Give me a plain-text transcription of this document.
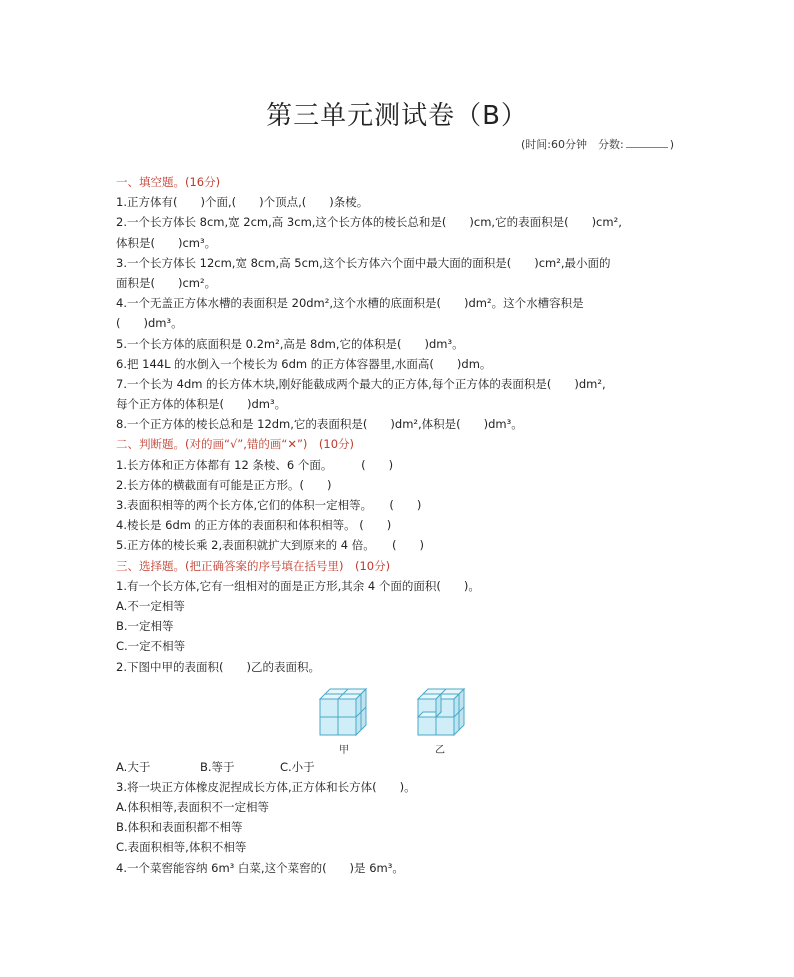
第三单元测试卷（B）
(时间:60分钟　分数:	)
一、填空题。(16分)
1.正方体有(　　)个面,(　　)个顶点,(　　)条棱。
2.一个长方体长 8cm,宽 2cm,高 3cm,这个长方体的棱长总和是(　　)cm,它的表面积是(　　)cm²,
体积是(　　)cm³。
3.一个长方体长 12cm,宽 8cm,高 5cm,这个长方体六个面中最大面的面积是(　　)cm²,最小面的
面积是(　　)cm²。
4.一个无盖正方体水槽的表面积是 20dm²,这个水槽的底面积是(　　)dm²。这个水槽容积是
(　　)dm³。
5.一个长方体的底面积是 0.2m²,高是 8dm,它的体积是(　　)dm³。
6.把 144L 的水倒入一个棱长为 6dm 的正方体容器里,水面高(　　)dm。
7.一个长为 4dm 的长方体木块,刚好能截成两个最大的正方体,每个正方体的表面积是(　　)dm²,
每个正方体的体积是(　　)dm³。
8.一个正方体的棱长总和是 12dm,它的表面积是(　　)dm²,体积是(　　)dm³。
二、判断题。(对的画“√”,错的画“✕”)　(10分)
1.长方体和正方体都有 12 条棱、6 个面。　　　(　　)
2.长方体的横截面有可能是正方形。(　　)
3.表面积相等的两个长方体,它们的体积一定相等。　　(　　)
4.棱长是 6dm 的正方体的表面积和体积相等。 (　　)
5.正方体的棱长乘 2,表面积就扩大到原来的 4 倍。　　(　　)
三、选择题。(把正确答案的序号填在括号里)　(10分)
1.有一个长方体,它有一组相对的面是正方形,其余 4 个面的面积(　　)。
A.不一定相等
B.一定相等
C.一定不相等
2.下图中甲的表面积(　　)乙的表面积。
甲	乙
A.大于	B.等于	C.小于
3.将一块正方体橡皮泥捏成长方体,正方体和长方体(　　)。
A.体积相等,表面积不一定相等
B.体积和表面积都不相等
C.表面积相等,体积不相等
4.一个菜窖能容纳 6m³ 白菜,这个菜窖的(　　)是 6m³。
